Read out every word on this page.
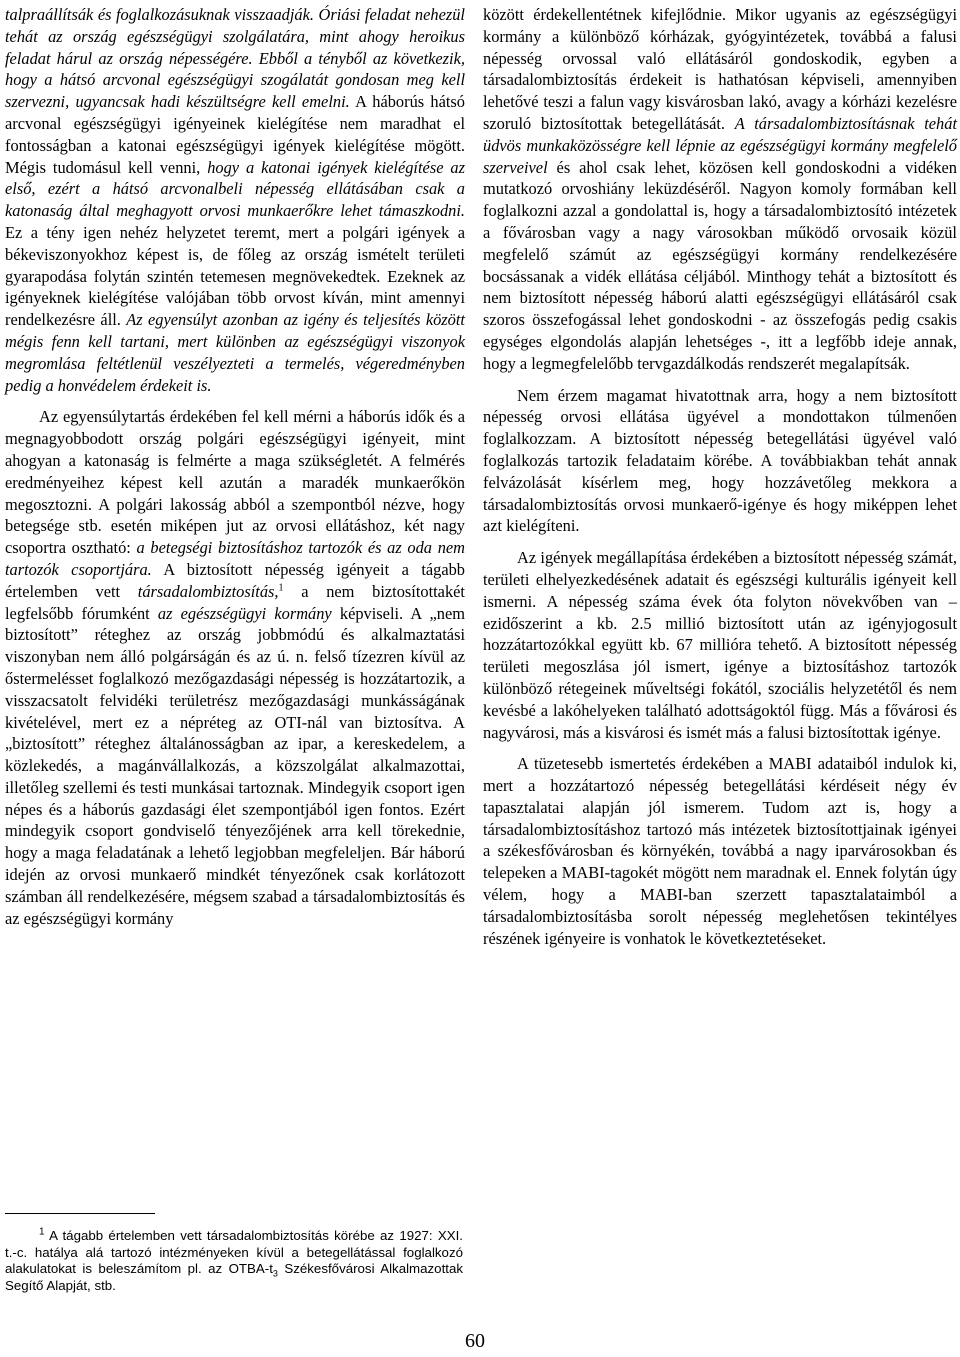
talpraállítsák és foglalkozásuknak visszaadják. Óriási feladat nehezül tehát az ország egészségügyi szolgálatára, mint ahogy heroikus feladat hárul az ország népességére. Ebből a tényből az következik, hogy a hátsó arcvonal egészségügyi szogálatát gondosan meg kell szervezni, ugyancsak hadi készültségre kell emelni. A háborús hátsó arcvonal egészségügyi igényeinek kielégítése nem maradhat el fontosságban a katonai egészségügyi igények kielégítése mögött. Mégis tudomásul kell venni, hogy a katonai igények kielégítése az első, ezért a hátsó arcvonalbeli népesség ellátásában csak a katonaság által meghagyott orvosi munkaerőkre lehet támaszkodni. Ez a tény igen nehéz helyzetet teremt, mert a polgári igények a békeviszonyokhoz képest is, de főleg az ország ismételt területi gyarapodása folytán szintén tetemesen megnövekedtek. Ezeknek az igényeknek kielégítése valójában több orvost kíván, mint amennyi rendelkezésre áll. Az egyensúlyt azonban az igény és teljesítés között mégis fenn kell tartani, mert különben az egészségügyi viszonyok megromlása feltétlenül veszélyezteti a termelés, végeredményben pedig a honvédelem érdekeit is.

Az egyensúlytartás érdekében fel kell mérni a háborús idők és a megnagyobbodott ország polgári egészségügyi igényeit, mint ahogyan a katonaság is felmérte a maga szükségletét. A felmérés eredményeihez képest kell azután a maradék munkaerőkön megosztozni. A polgári lakosság abból a szempontból nézve, hogy betegsége stb. esetén miképen jut az orvosi ellátáshoz, két nagy csoportra osztható: a betegségi biztosításhoz tartozók és az oda nem tartozók csoportjára. A biztosított népesség igényeit a tágabb értelemben vett társadalombiztosítás,$^1$ a nem biztosítottakét legfelsőbb fórumként az egészségügyi kormány képviseli. A „nem biztosított” réteghez az ország jobbmódú és alkalmaztatási viszonyban nem álló polgárságán és az ú. n. felső tízezren kívül az őstermelésset foglalkozó mezőgazdasági népesség is hozzátartozik, a visszacsatolt felvidéki területrész mezőgazdasági munkásságának kivételével, mert ez a népréteg az OTI-nál van biztosítva. A „biztosított” réteghez általánosságban az ipar, a kereskedelem, a közlekedés, a magánvállalkozás, a közszolgálat alkalmazottai, illetőleg szellemi és testi munkásai tartoznak. Mindegyik csoport igen népes és a háborús gazdasági élet szempontjából igen fontos. Ezért mindegyik csoport gondviselő tényezőjének arra kell törekednie, hogy a maga feladatának a lehető legjobban megfeleljen. Bár háború idején az orvosi munkaerő mindkét tényezőnek csak korlátozott számban áll rendelkezésére, mégsem szabad a társadalombiztosítás és az egészségügyi kormány

$^1$ A tágabb értelemben vett társadalombiztosítás körébe az 1927: XXI. t.-c. hatálya alá tartozó intézményeken kívül a betegellátással foglalkozó alakulatokat is beleszámítom pl. az OTBA-$t_3$ Székesfővárosi Alkalmazottak Segítő Alapját, stb.

között érdekellentétnek kifejlődnie. Mikor ugyanis az egészségügyi kormány a különböző kórházak, gyógyintézetek, továbbá a falusi népesség orvossal való ellátásáról gondoskodik, egyben a társadalombiztosítás érdekeit is hathatósan képviseli, amennyiben lehetővé teszi a falun vagy kisvárosban lakó, avagy a kórházi kezelésre szoruló biztosítottak betegellátását. A társadalombiztosításnak tehát üdvös munkaközösségre kell lépnie az egészségügyi kormány megfelelő szerveivel és ahol csak lehet, közösen kell gondoskodni a vidéken mutatkozó orvoshiány leküzdéséről. Nagyon komoly formában kell foglalkozni azzal a gondolattal is, hogy a társadalombiztosító intézetek a fővárosban vagy a nagy városokban működő orvosaik közül megfelelő számút az egészségügyi kormány rendelkezésére bocsássanak a vidék ellátása céljából. Minthogy tehát a biztosított és nem biztosított népesség háború alatti egészségügyi ellátásáról csak szoros összefogással lehet gondoskodni - az összefogás pedig csakis egységes elgondolás alapján lehetséges -, itt a legfőbb ideje annak, hogy a legmegfelelőbb tervgazdálkodás rendszerét megalapítsák.

Nem érzem magamat hivatottnak arra, hogy a nem biztosított népesség orvosi ellátása ügyével a mondottakon túlmenően foglalkozzam. A biztosított népesség betegellátási ügyével való foglalkozás tartozik feladataim körébe. A továbbiakban tehát annak felvázolását kísérlem meg, hogy hozzávetőleg mekkora a társadalombiztosítás orvosi munkaerő-igénye és hogy miképpen lehet azt kielégíteni.

Az igények megállapítása érdekében a biztosított népesség számát, területi elhelyezkedésének adatait és egészségi kulturális igényeit kell ismerni. A népesség száma évek óta folyton növekvőben van – ezidőszerint a kb. 2.5 millió biztosított után az igényjogosult hozzátartozókkal együtt kb. 67 millióra tehető. A biztosított népesség területi megoszlása jól ismert, igénye a biztosításhoz tartozók különböző rétegeinek műveltségi fokától, szociális helyzetétől és nem kevésbé a lakóhelyeken található adottságoktól függ. Más a fővárosi és nagyvárosi, más a kisvárosi és ismét más a falusi biztosítottak igénye.

A tüzetesebb ismertetés érdekében a MABI adataiból indulok ki, mert a hozzátartozó népesség betegellátási kérdéseit négy év tapasztalatai alapján jól ismerem. Tudom azt is, hogy a társadalombiztosításhoz tartozó más intézetek biztosítottjainak igényei a székesfővárosban és környékén, továbbá a nagy iparvárosokban és telepeken a MABI-tagokét mögött nem maradnak el. Ennek folytán úgy vélem, hogy a MABI-ban szerzett tapasztalataimból a társadalombiztosításba sorolt népesség meglehetősen tekintélyes részének igényeire is vonhatok le következtetéseket.

60
